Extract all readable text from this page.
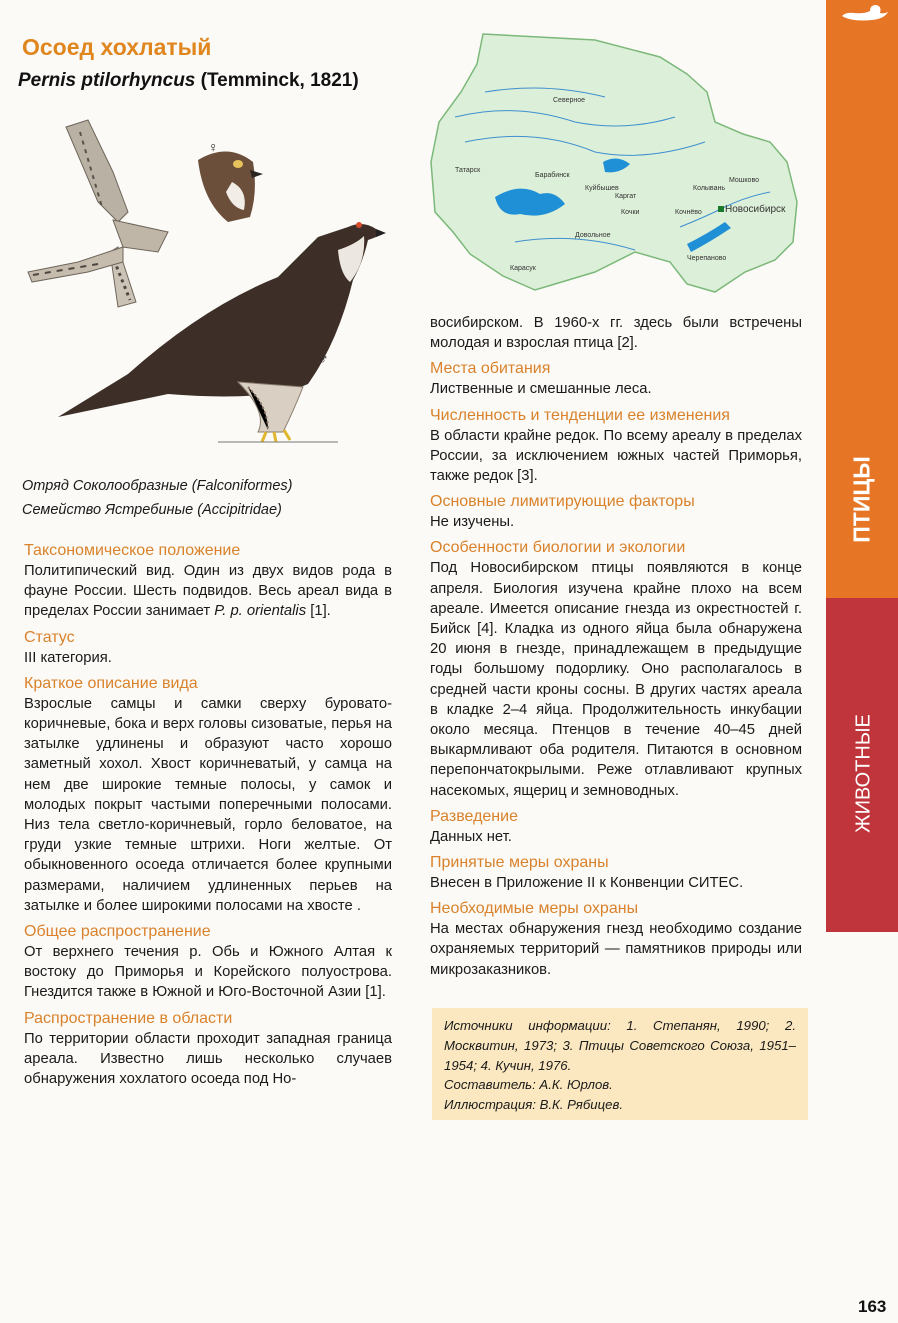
Осоед хохлатый
Pernis ptilorhyncus (Temminck, 1821)
♀
♂
Отряд Соколообразные (Falconiformes)
Семейство Ястребиные (Accipitridae)
Таксономическое положение

Политипический вид. Один из двух видов рода в фауне России. Шесть подвидов. Весь ареал вида в пределах России занимает P. p. orientalis [1].

Статус

III категория.

Краткое описание вида

Взрослые самцы и самки сверху буровато-коричневые, бока и верх головы сизоватые, перья на затылке удлинены и образуют часто хорошо заметный хохол. Хвост коричневатый, у самца на нем две широкие темные полосы, у самок и молодых покрыт частыми поперечными полосами. Низ тела светло-коричневый, горло беловатое, на груди узкие темные штрихи. Ноги желтые. От обыкновенного осоеда отличается более крупными размерами, наличием удлиненных перьев на затылке и более широкими полосами на хвосте .

Общее распространение

От верхнего течения р. Обь и Южного Алтая к востоку до Приморья и Корейского полуострова. Гнездится также в Южной и Юго-Восточной Азии [1].

Распространение в области

По территории области проходит западная граница ареала. Известно лишь несколько случаев обнаружения хохлатого осоеда под Но-

Северное
Татарск
Барабинск
Куйбышев
Каргат
Кочки
Колывань
Мошково
Новосибирск
Кочнёво
Довольное
Карасук
Черепаново

восибирском. В 1960-х гг. здесь были встречены молодая и взрослая птица [2].

Места обитания

Лиственные и смешанные леса.

Численность и тенденции ее изменения

В области крайне редок. По всему ареалу в пределах России, за исключением южных частей Приморья, также редок [3].

Основные лимитирующие факторы

Не изучены.

Особенности биологии и экологии

Под Новосибирском птицы появляются в конце апреля. Биология изучена крайне плохо на всем ареале. Имеется описание гнезда из окрестностей г. Бийск [4]. Кладка из одного яйца была обнаружена 20 июня в гнезде, принадлежащем в предыдущие годы большому подорлику. Оно располагалось в средней части кроны сосны. В других частях ареала в кладке 2–4 яйца. Продолжительность инкубации около месяца. Птенцов в течение 40–45 дней выкармливают оба родителя. Питаются в основном перепончатокрылыми. Реже отлавливают крупных насекомых, ящериц и земноводных.

Разведение

Данных нет.

Принятые меры охраны

Внесен в Приложение II к Конвенции СИТЕС.

Необходимые меры охраны

На местах обнаружения гнезд необходимо создание охраняемых территорий — памятников природы или микрозаказников.

Источники информации: 1. Степанян, 1990; 2. Москвитин, 1973; 3. Птицы Советского Союза, 1951–1954; 4. Кучин, 1976.
Составитель: А.К. Юрлов.
Иллюстрация: В.К. Рябицев.
ПТИЦЫ
ЖИВОТНЫЕ
163
